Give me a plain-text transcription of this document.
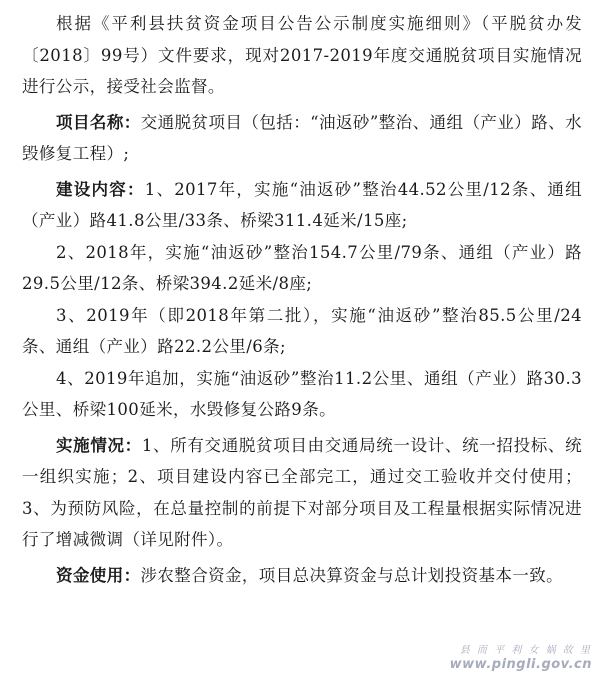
根据《平利县扶贫资金项目公告公示制度实施细则》（平脱贫办发〔2018〕99号）文件要求，现对2017-2019年度交通脱贫项目实施情况进行公示，接受社会监督。

项目名称：交通脱贫项目（包括：“油返砂”整治、通组（产业）路、水毁修复工程）;

建设内容：1、2017年，实施“油返砂”整治44.52公里/12条、通组（产业）路41.8公里/33条、桥梁311.4延米/15座;

2、2018年，实施“油返砂”整治154.7公里/79条、通组（产业）路29.5公里/12条、桥梁394.2延米/8座;

3、2019年（即2018年第二批），实施“油返砂”整治85.5公里/24条、通组（产业）路22.2公里/6条;

4、2019年追加，实施“油返砂”整治11.2公里、通组（产业）路30.3公里、桥梁100延米，水毁修复公路9条。

实施情况：1、所有交通脱贫项目由交通局统一设计、统一招投标、统一组织实施；2、项目建设内容已全部完工，通过交工验收并交付使用；3、为预防风险，在总量控制的前提下对部分项目及工程量根据实际情况进行了增减微调（详见附件）。

资金使用：涉农整合资金，项目总决算资金与总计划投资基本一致。

县 而 平 利 女 娲 故 里
www.pingli.gov.cn
